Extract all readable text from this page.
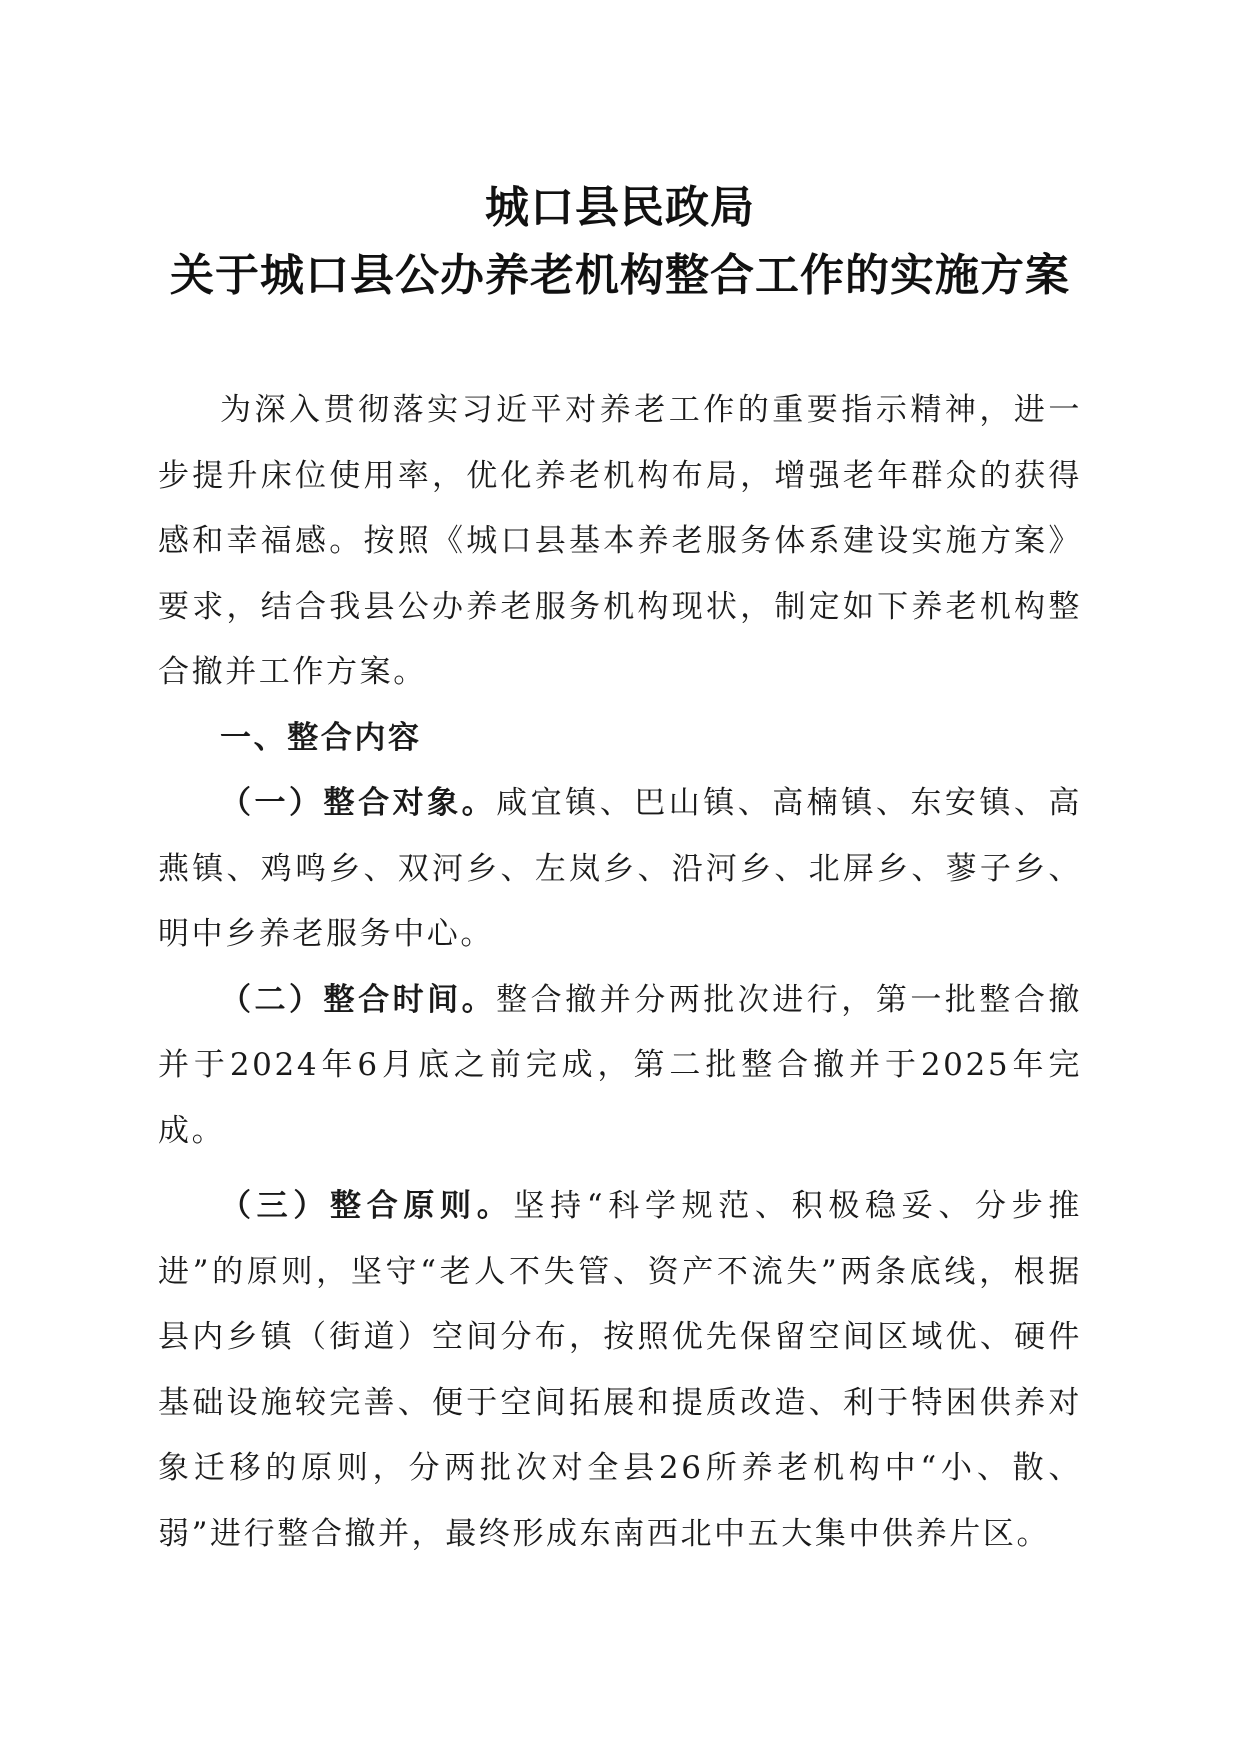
城口县民政局
关于城口县公办养老机构整合工作的实施方案

为深入贯彻落实习近平对养老工作的重要指示精神，进一步提升床位使用率，优化养老机构布局，增强老年群众的获得感和幸福感。按照《城口县基本养老服务体系建设实施方案》要求，结合我县公办养老服务机构现状，制定如下养老机构整合撤并工作方案。

一、整合内容

（一）整合对象。咸宜镇、巴山镇、高楠镇、东安镇、高燕镇、鸡鸣乡、双河乡、左岚乡、沿河乡、北屏乡、蓼子乡、明中乡养老服务中心。

（二）整合时间。整合撤并分两批次进行，第一批整合撤并于2024年6月底之前完成，第二批整合撤并于2025年完成。

（三）整合原则。坚持“科学规范、积极稳妥、分步推进”的原则，坚守“老人不失管、资产不流失”两条底线，根据县内乡镇（街道）空间分布，按照优先保留空间区域优、硬件基础设施较完善、便于空间拓展和提质改造、利于特困供养对象迁移的原则，分两批次对全县26所养老机构中“小、散、弱”进行整合撤并，最终形成东南西北中五大集中供养片区。
